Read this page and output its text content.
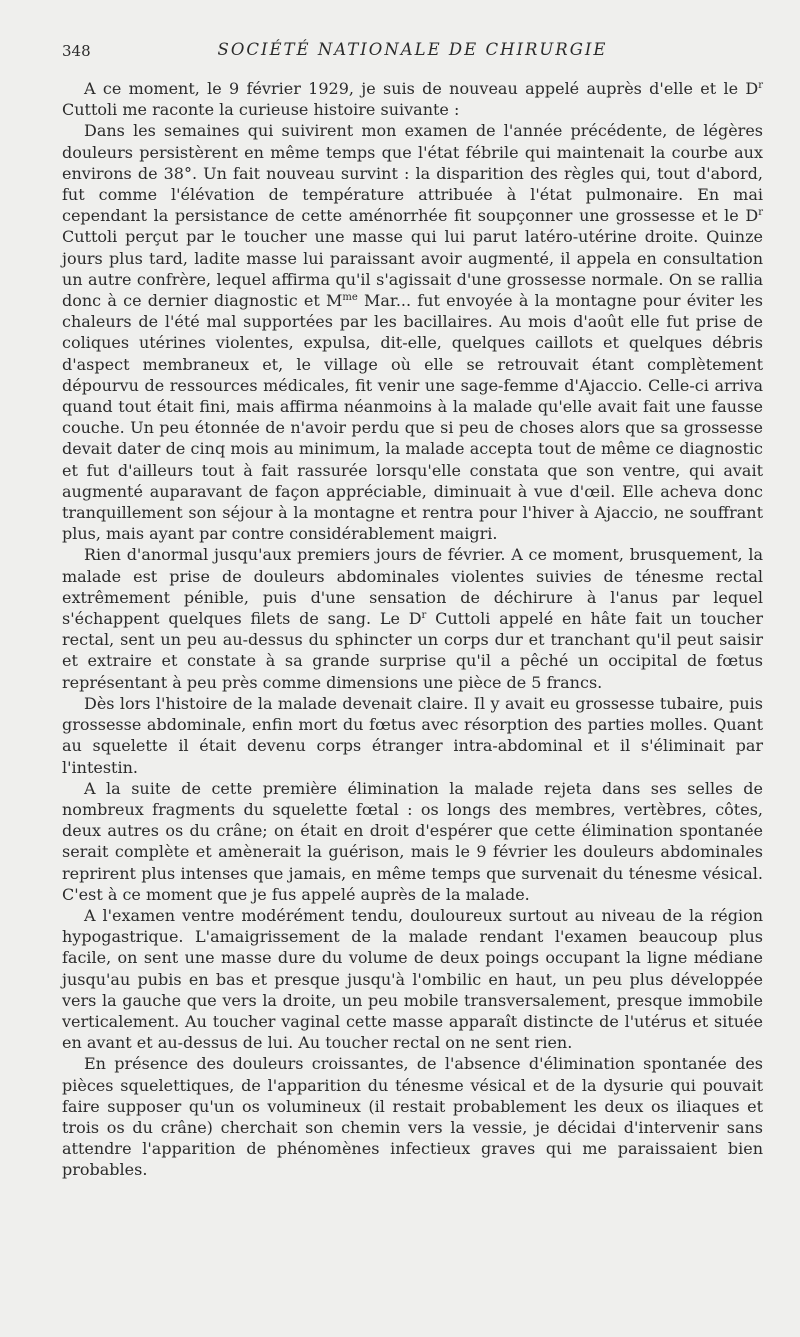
348	SOCIÉTÉ NATIONALE DE CHIRURGIE

A ce moment, le 9 février 1929, je suis de nouveau appelé auprès d'elle et le $D^r$ Cuttoli me raconte la curieuse histoire suivante :

Dans les semaines qui suivirent mon examen de l'année précédente, de légères douleurs persistèrent en même temps que l'état fébrile qui maintenait la courbe aux environs de 38°. Un fait nouveau survint : la disparition des règles qui, tout d'abord, fut comme l'élévation de température attribuée à l'état pulmonaire. En mai cependant la persistance de cette aménorrhée fit soupçonner une grossesse et le $D^r$ Cuttoli perçut par le toucher une masse qui lui parut latéro-utérine droite. Quinze jours plus tard, ladite masse lui paraissant avoir augmenté, il appela en consultation un autre confrère, lequel affirma qu'il s'agissait d'une grossesse normale. On se rallia donc à ce dernier diagnostic et $M^{me}$ Mar... fut envoyée à la montagne pour éviter les chaleurs de l'été mal supportées par les bacillaires. Au mois d'août elle fut prise de coliques utérines violentes, expulsa, dit-elle, quelques caillots et quelques débris d'aspect membraneux et, le village où elle se retrouvait étant complètement dépourvu de ressources médicales, fit venir une sage-femme d'Ajaccio. Celle-ci arriva quand tout était fini, mais affirma néanmoins à la malade qu'elle avait fait une fausse couche. Un peu étonnée de n'avoir perdu que si peu de choses alors que sa grossesse devait dater de cinq mois au minimum, la malade accepta tout de même ce diagnostic et fut d'ailleurs tout à fait rassurée lorsqu'elle constata que son ventre, qui avait augmenté auparavant de façon appréciable, diminuait à vue d'œil. Elle acheva donc tranquillement son séjour à la montagne et rentra pour l'hiver à Ajaccio, ne souffrant plus, mais ayant par contre considérablement maigri.

Rien d'anormal jusqu'aux premiers jours de février. A ce moment, brusquement, la malade est prise de douleurs abdominales violentes suivies de ténesme rectal extrêmement pénible, puis d'une sensation de déchirure à l'anus par lequel s'échappent quelques filets de sang. Le $D^r$ Cuttoli appelé en hâte fait un toucher rectal, sent un peu au-dessus du sphincter un corps dur et tranchant qu'il peut saisir et extraire et constate à sa grande surprise qu'il a pêché un occipital de fœtus représentant à peu près comme dimensions une pièce de 5 francs.

Dès lors l'histoire de la malade devenait claire. Il y avait eu grossesse tubaire, puis grossesse abdominale, enfin mort du fœtus avec résorption des parties molles. Quant au squelette il était devenu corps étranger intra-abdominal et il s'éliminait par l'intestin.

A la suite de cette première élimination la malade rejeta dans ses selles de nombreux fragments du squelette fœtal : os longs des membres, vertèbres, côtes, deux autres os du crâne; on était en droit d'espérer que cette élimination spontanée serait complète et amènerait la guérison, mais le 9 février les douleurs abdominales reprirent plus intenses que jamais, en même temps que survenait du ténesme vésical. C'est à ce moment que je fus appelé auprès de la malade.

A l'examen ventre modérément tendu, douloureux surtout au niveau de la région hypogastrique. L'amaigrissement de la malade rendant l'examen beaucoup plus facile, on sent une masse dure du volume de deux poings occupant la ligne médiane jusqu'au pubis en bas et presque jusqu'à l'ombilic en haut, un peu plus développée vers la gauche que vers la droite, un peu mobile transversalement, presque immobile verticalement. Au toucher vaginal cette masse apparaît distincte de l'utérus et située en avant et au-dessus de lui. Au toucher rectal on ne sent rien.

En présence des douleurs croissantes, de l'absence d'élimination spontanée des pièces squelettiques, de l'apparition du ténesme vésical et de la dysurie qui pouvait faire supposer qu'un os volumineux (il restait probablement les deux os iliaques et trois os du crâne) cherchait son chemin vers la vessie, je décidai d'intervenir sans attendre l'apparition de phénomènes infectieux graves qui me paraissaient bien probables.
